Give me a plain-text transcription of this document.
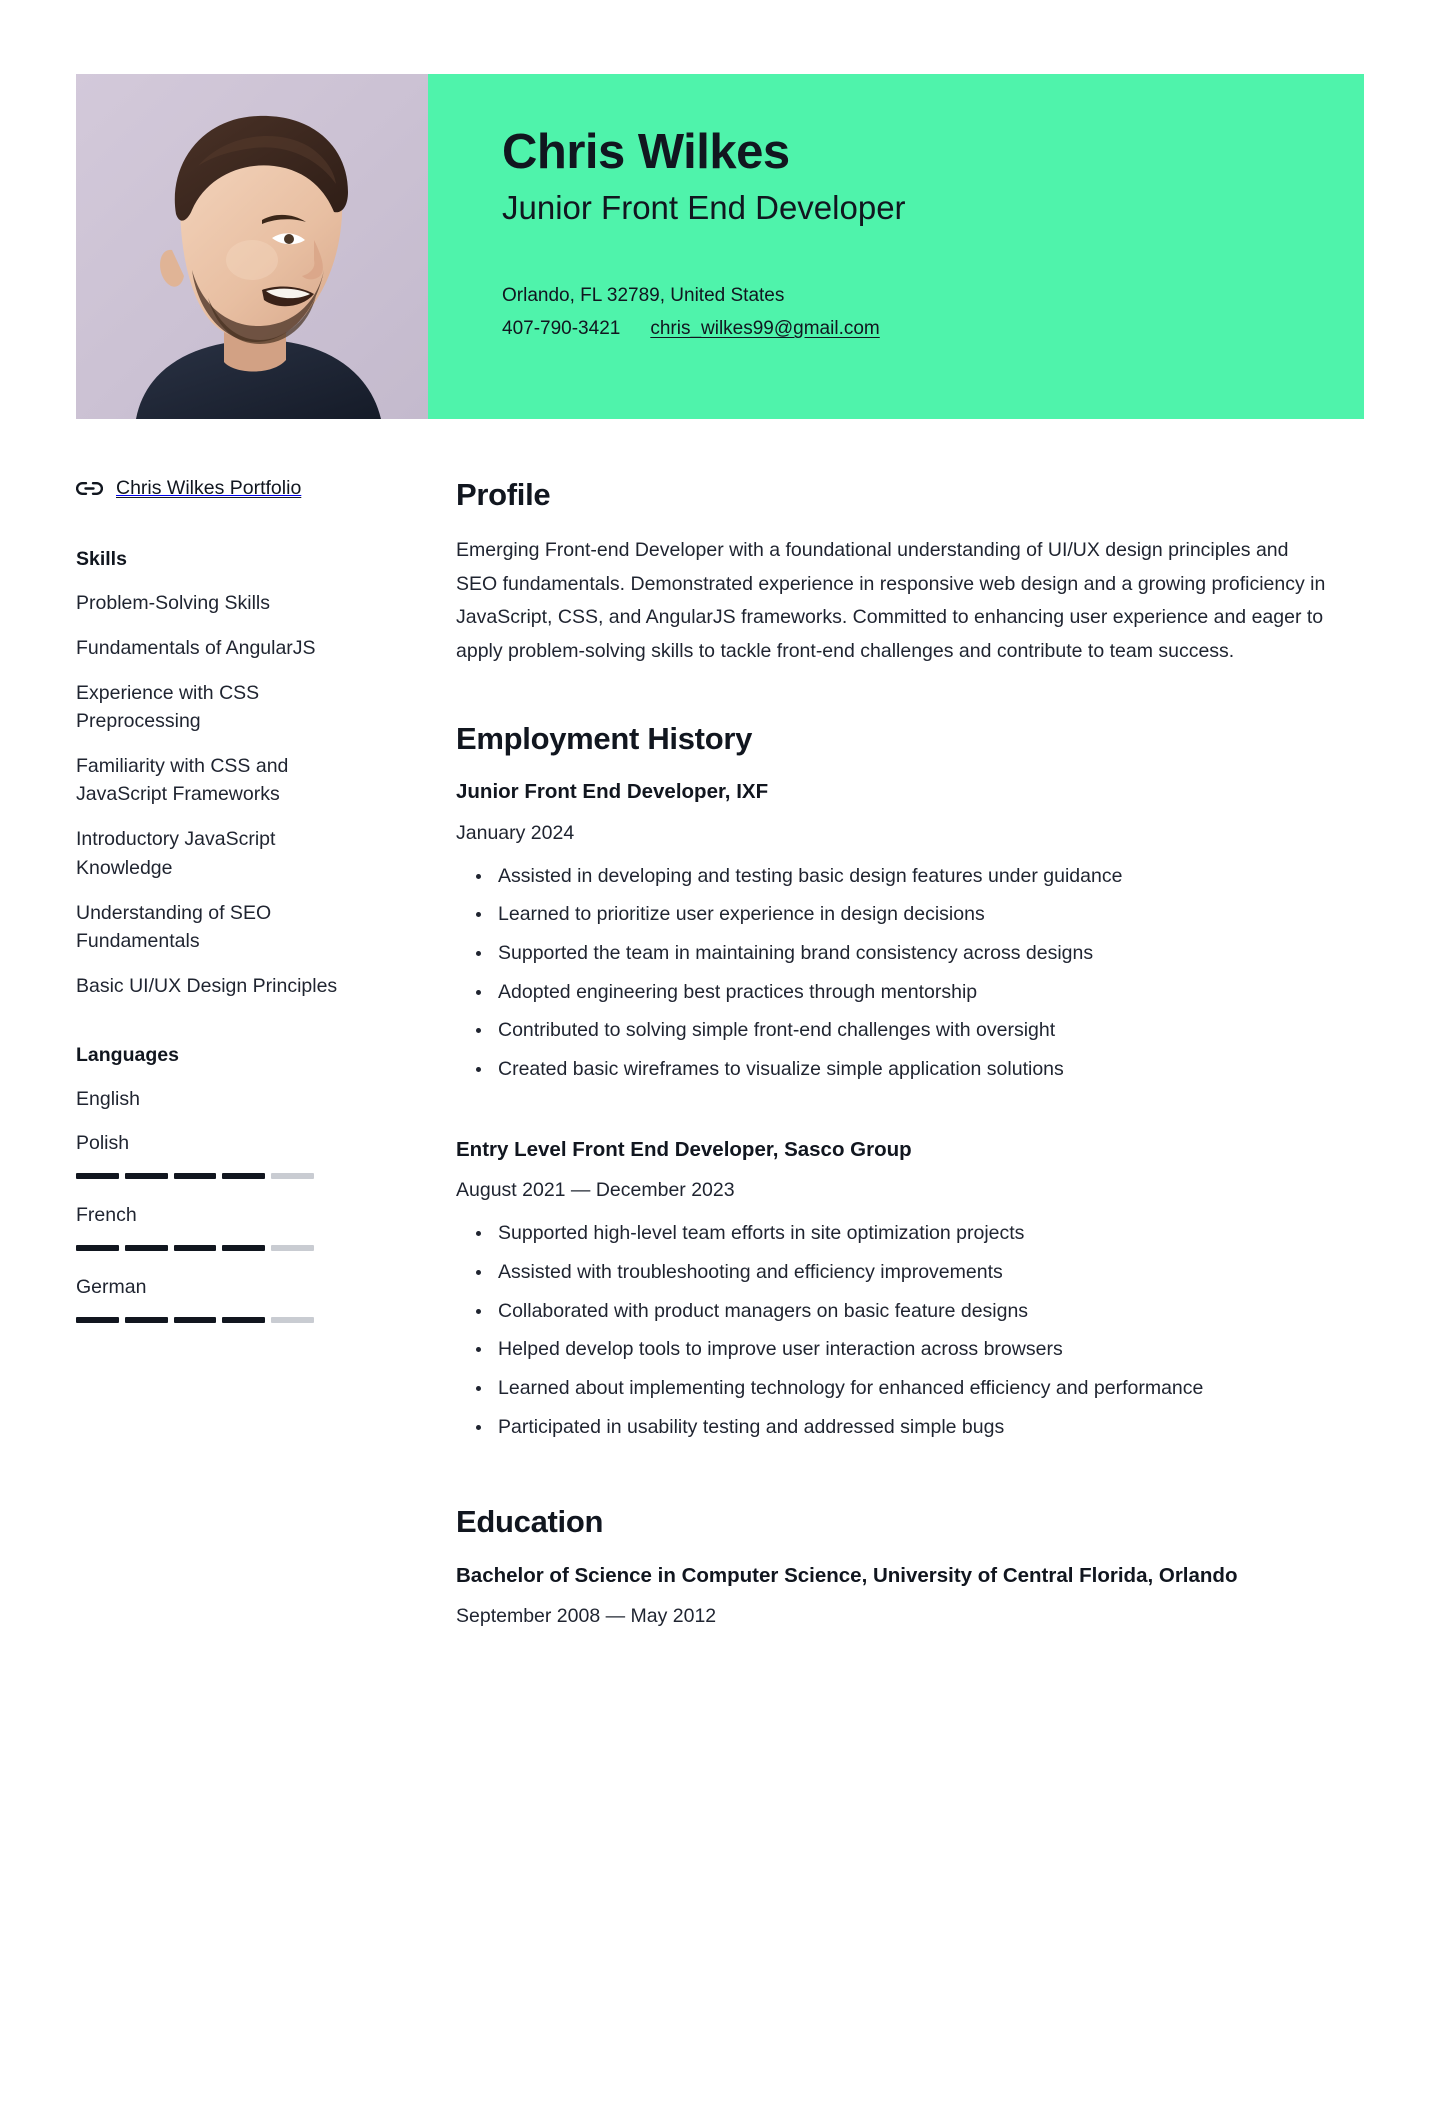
Chris Wilkes
Junior Front End Developer
Orlando, FL 32789, United States
407-790-3421 chris_wilkes99@gmail.com
Chris Wilkes Portfolio
Skills
Problem-Solving Skills
Fundamentals of AngularJS
Experience with CSS Preprocessing
Familiarity with CSS and JavaScript Frameworks
Introductory JavaScript Knowledge
Understanding of SEO Fundamentals
Basic UI/UX Design Principles
Languages
English
Polish
French
German
Profile

Emerging Front-end Developer with a foundational understanding of UI/UX design principles and SEO fundamentals. Demonstrated experience in responsive web design and a growing proficiency in JavaScript, CSS, and AngularJS frameworks. Committed to enhancing user experience and eager to apply problem-solving skills to tackle front-end challenges and contribute to team success.

Employment History
Junior Front End Developer, IXF
January 2024
Assisted in developing and testing basic design features under guidance
Learned to prioritize user experience in design decisions
Supported the team in maintaining brand consistency across designs
Adopted engineering best practices through mentorship
Contributed to solving simple front-end challenges with oversight
Created basic wireframes to visualize simple application solutions
Entry Level Front End Developer, Sasco Group
August 2021 — December 2023
Supported high-level team efforts in site optimization projects
Assisted with troubleshooting and efficiency improvements
Collaborated with product managers on basic feature designs
Helped develop tools to improve user interaction across browsers
Learned about implementing technology for enhanced efficiency and performance
Participated in usability testing and addressed simple bugs
Education
Bachelor of Science in Computer Science, University of Central Florida, Orlando
September 2008 — May 2012
